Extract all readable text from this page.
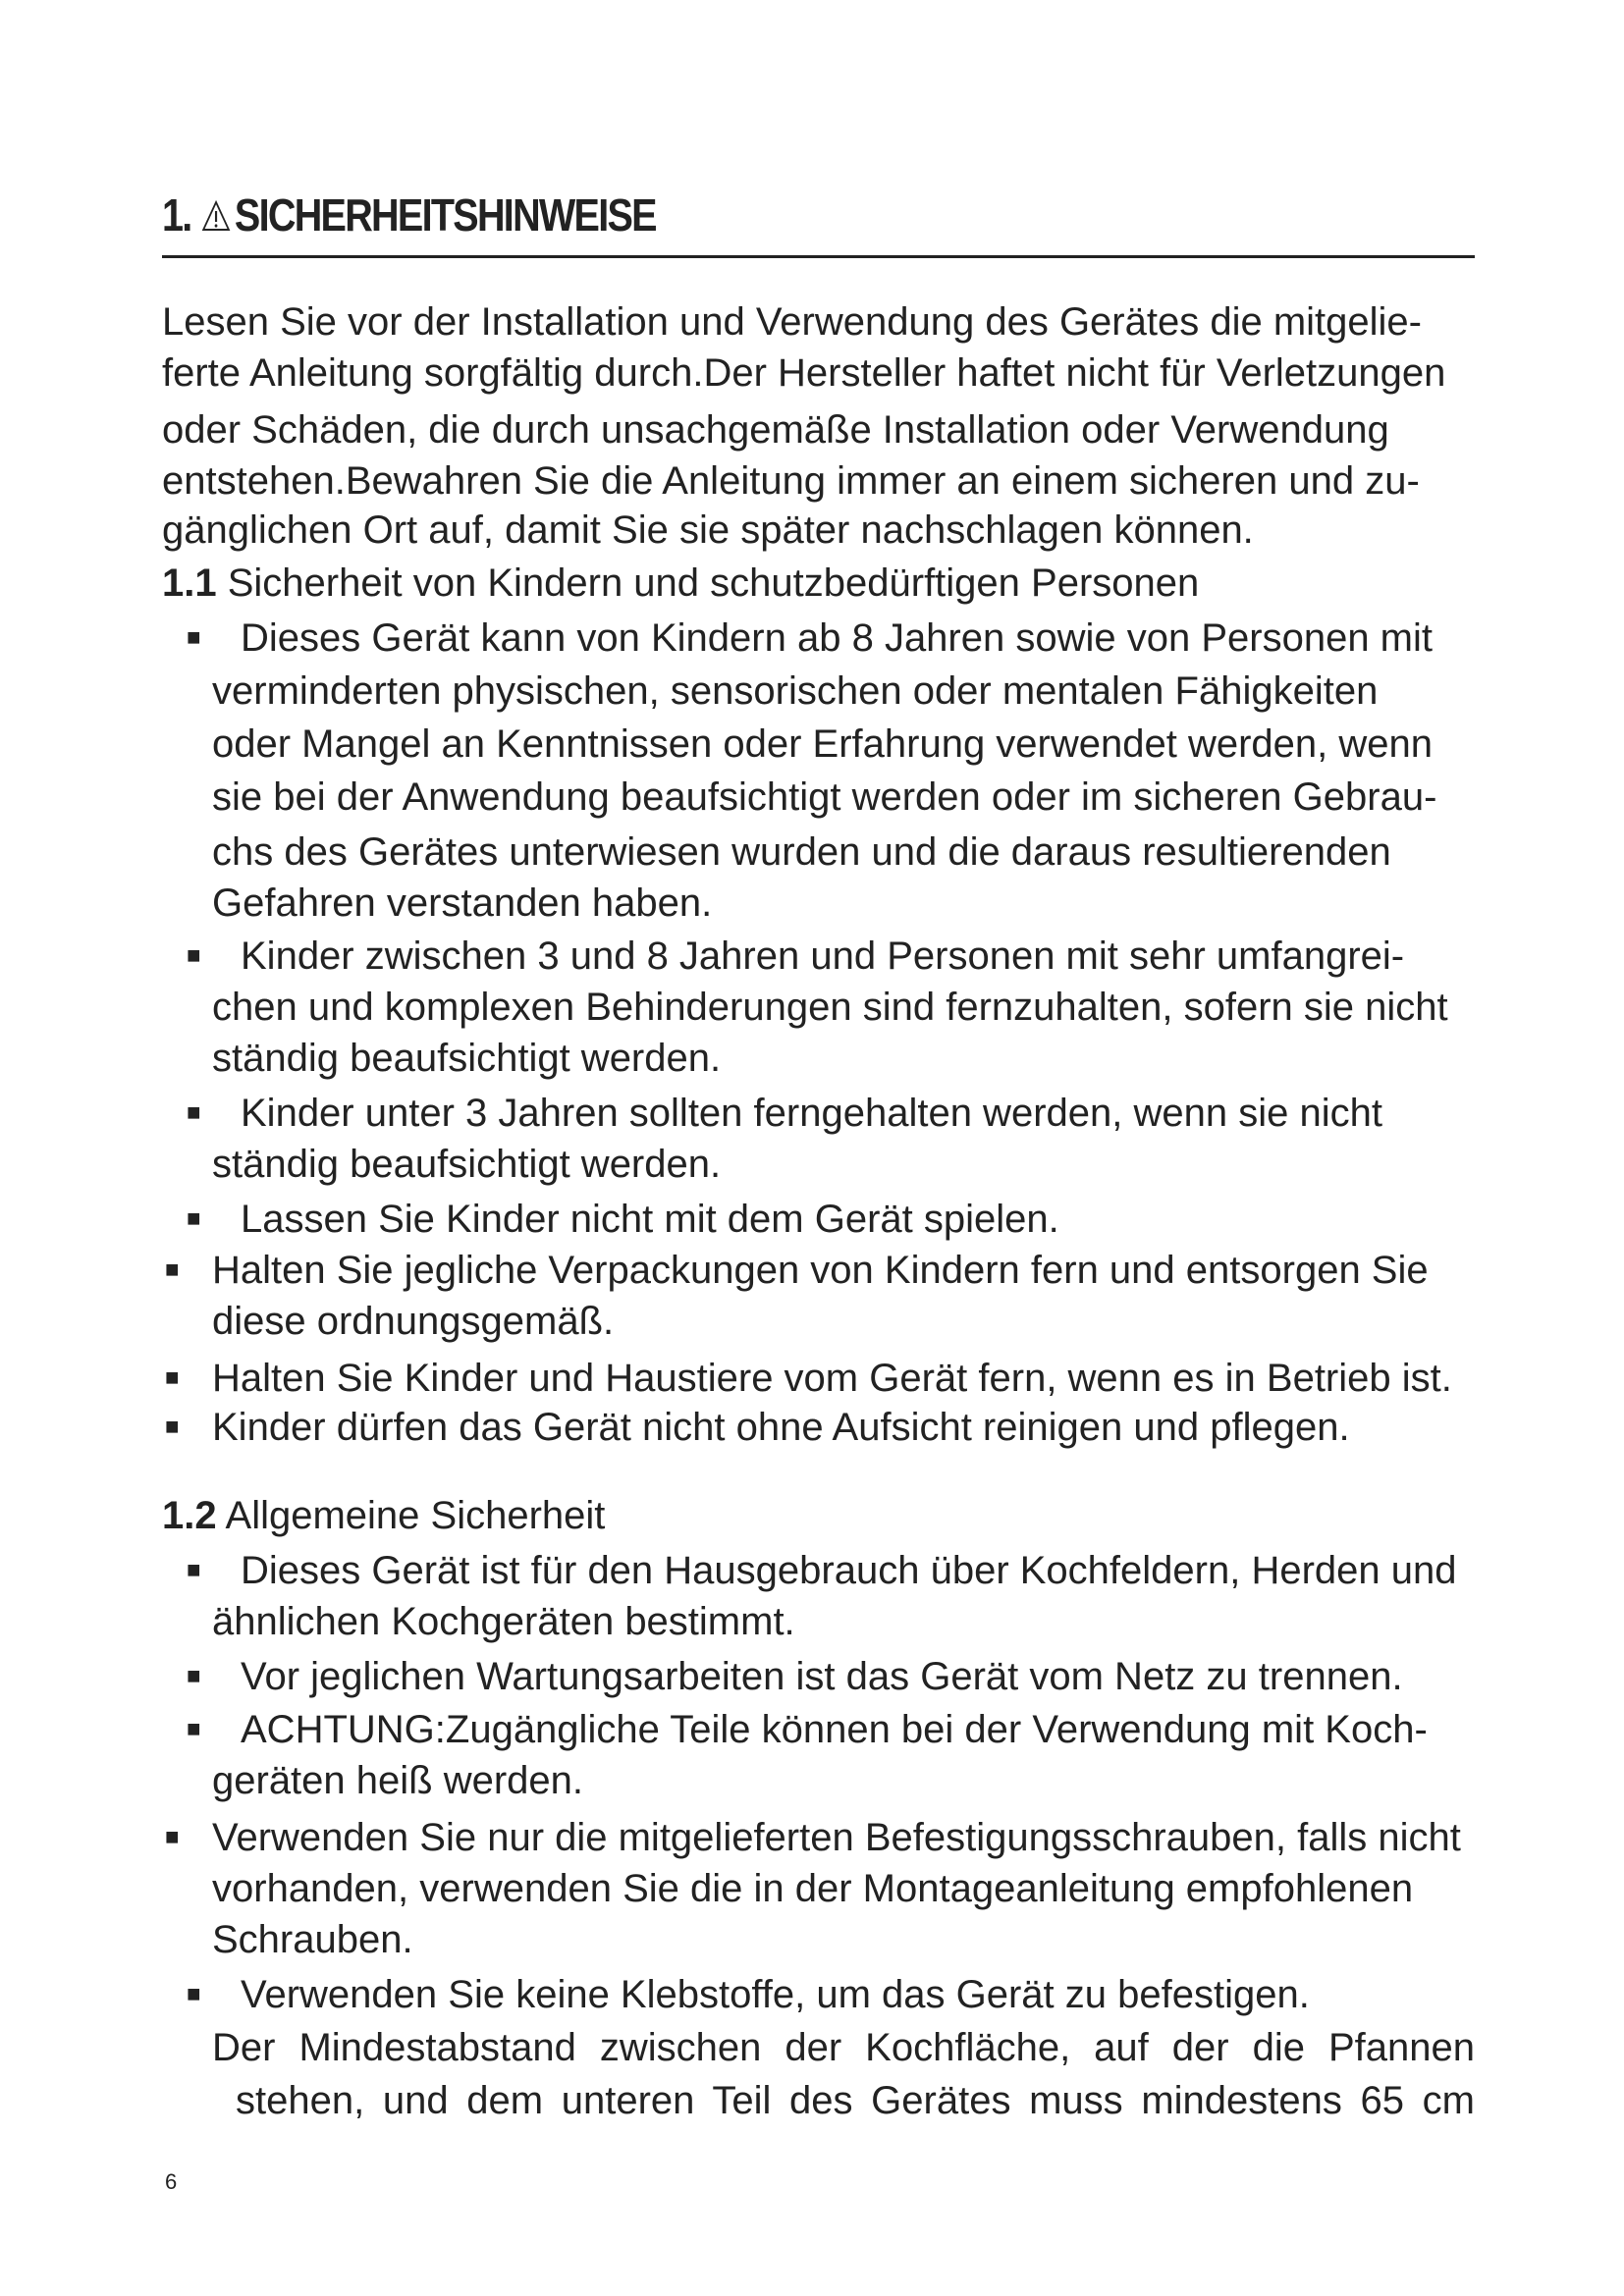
1. SICHERHEITSHINWEISE
Lesen Sie vor der Installation und Verwendung des Gerätes die mitgelie-
ferte Anleitung sorgfältig durch.Der Hersteller haftet nicht für Verletzungen
oder Schäden, die durch unsachgemäße Installation oder Verwendung
entstehen.Bewahren Sie die Anleitung immer an einem sicheren und zu-
gänglichen Ort auf, damit Sie sie später nachschlagen können.
1.1 Sicherheit von Kindern und schutzbedürftigen Personen
■ Dieses Gerät kann von Kindern ab 8 Jahren sowie von Personen mit
verminderten physischen, sensorischen oder mentalen Fähigkeiten
oder Mangel an Kenntnissen oder Erfahrung verwendet werden, wenn
sie bei der Anwendung beaufsichtigt werden oder im sicheren Gebrau-
chs des Gerätes unterwiesen wurden und die daraus resultierenden
Gefahren verstanden haben.
■ Kinder zwischen 3 und 8 Jahren und Personen mit sehr umfangrei-
chen und komplexen Behinderungen sind fernzuhalten, sofern sie nicht
ständig beaufsichtigt werden.
■ Kinder unter 3 Jahren sollten ferngehalten werden, wenn sie nicht
ständig beaufsichtigt werden.
■ Lassen Sie Kinder nicht mit dem Gerät spielen.
■ Halten Sie jegliche Verpackungen von Kindern fern und entsorgen Sie
diese ordnungsgemäß.
■ Halten Sie Kinder und Haustiere vom Gerät fern, wenn es in Betrieb ist.
■ Kinder dürfen das Gerät nicht ohne Aufsicht reinigen und pflegen.
1.2 Allgemeine Sicherheit
■ Dieses Gerät ist für den Hausgebrauch über Kochfeldern, Herden und
ähnlichen Kochgeräten bestimmt.
■ Vor jeglichen Wartungsarbeiten ist das Gerät vom Netz zu trennen.
■ ACHTUNG:Zugängliche Teile können bei der Verwendung mit Koch-
geräten heiß werden.
■ Verwenden Sie nur die mitgelieferten Befestigungsschrauben, falls nicht
vorhanden, verwenden Sie die in der Montageanleitung empfohlenen
Schrauben.
■ Verwenden Sie keine Klebstoffe, um das Gerät zu befestigen.
Der Mindestabstand zwischen der Kochfläche, auf der die Pfannen
stehen, und dem unteren Teil des Gerätes muss mindestens 65 cm
6
